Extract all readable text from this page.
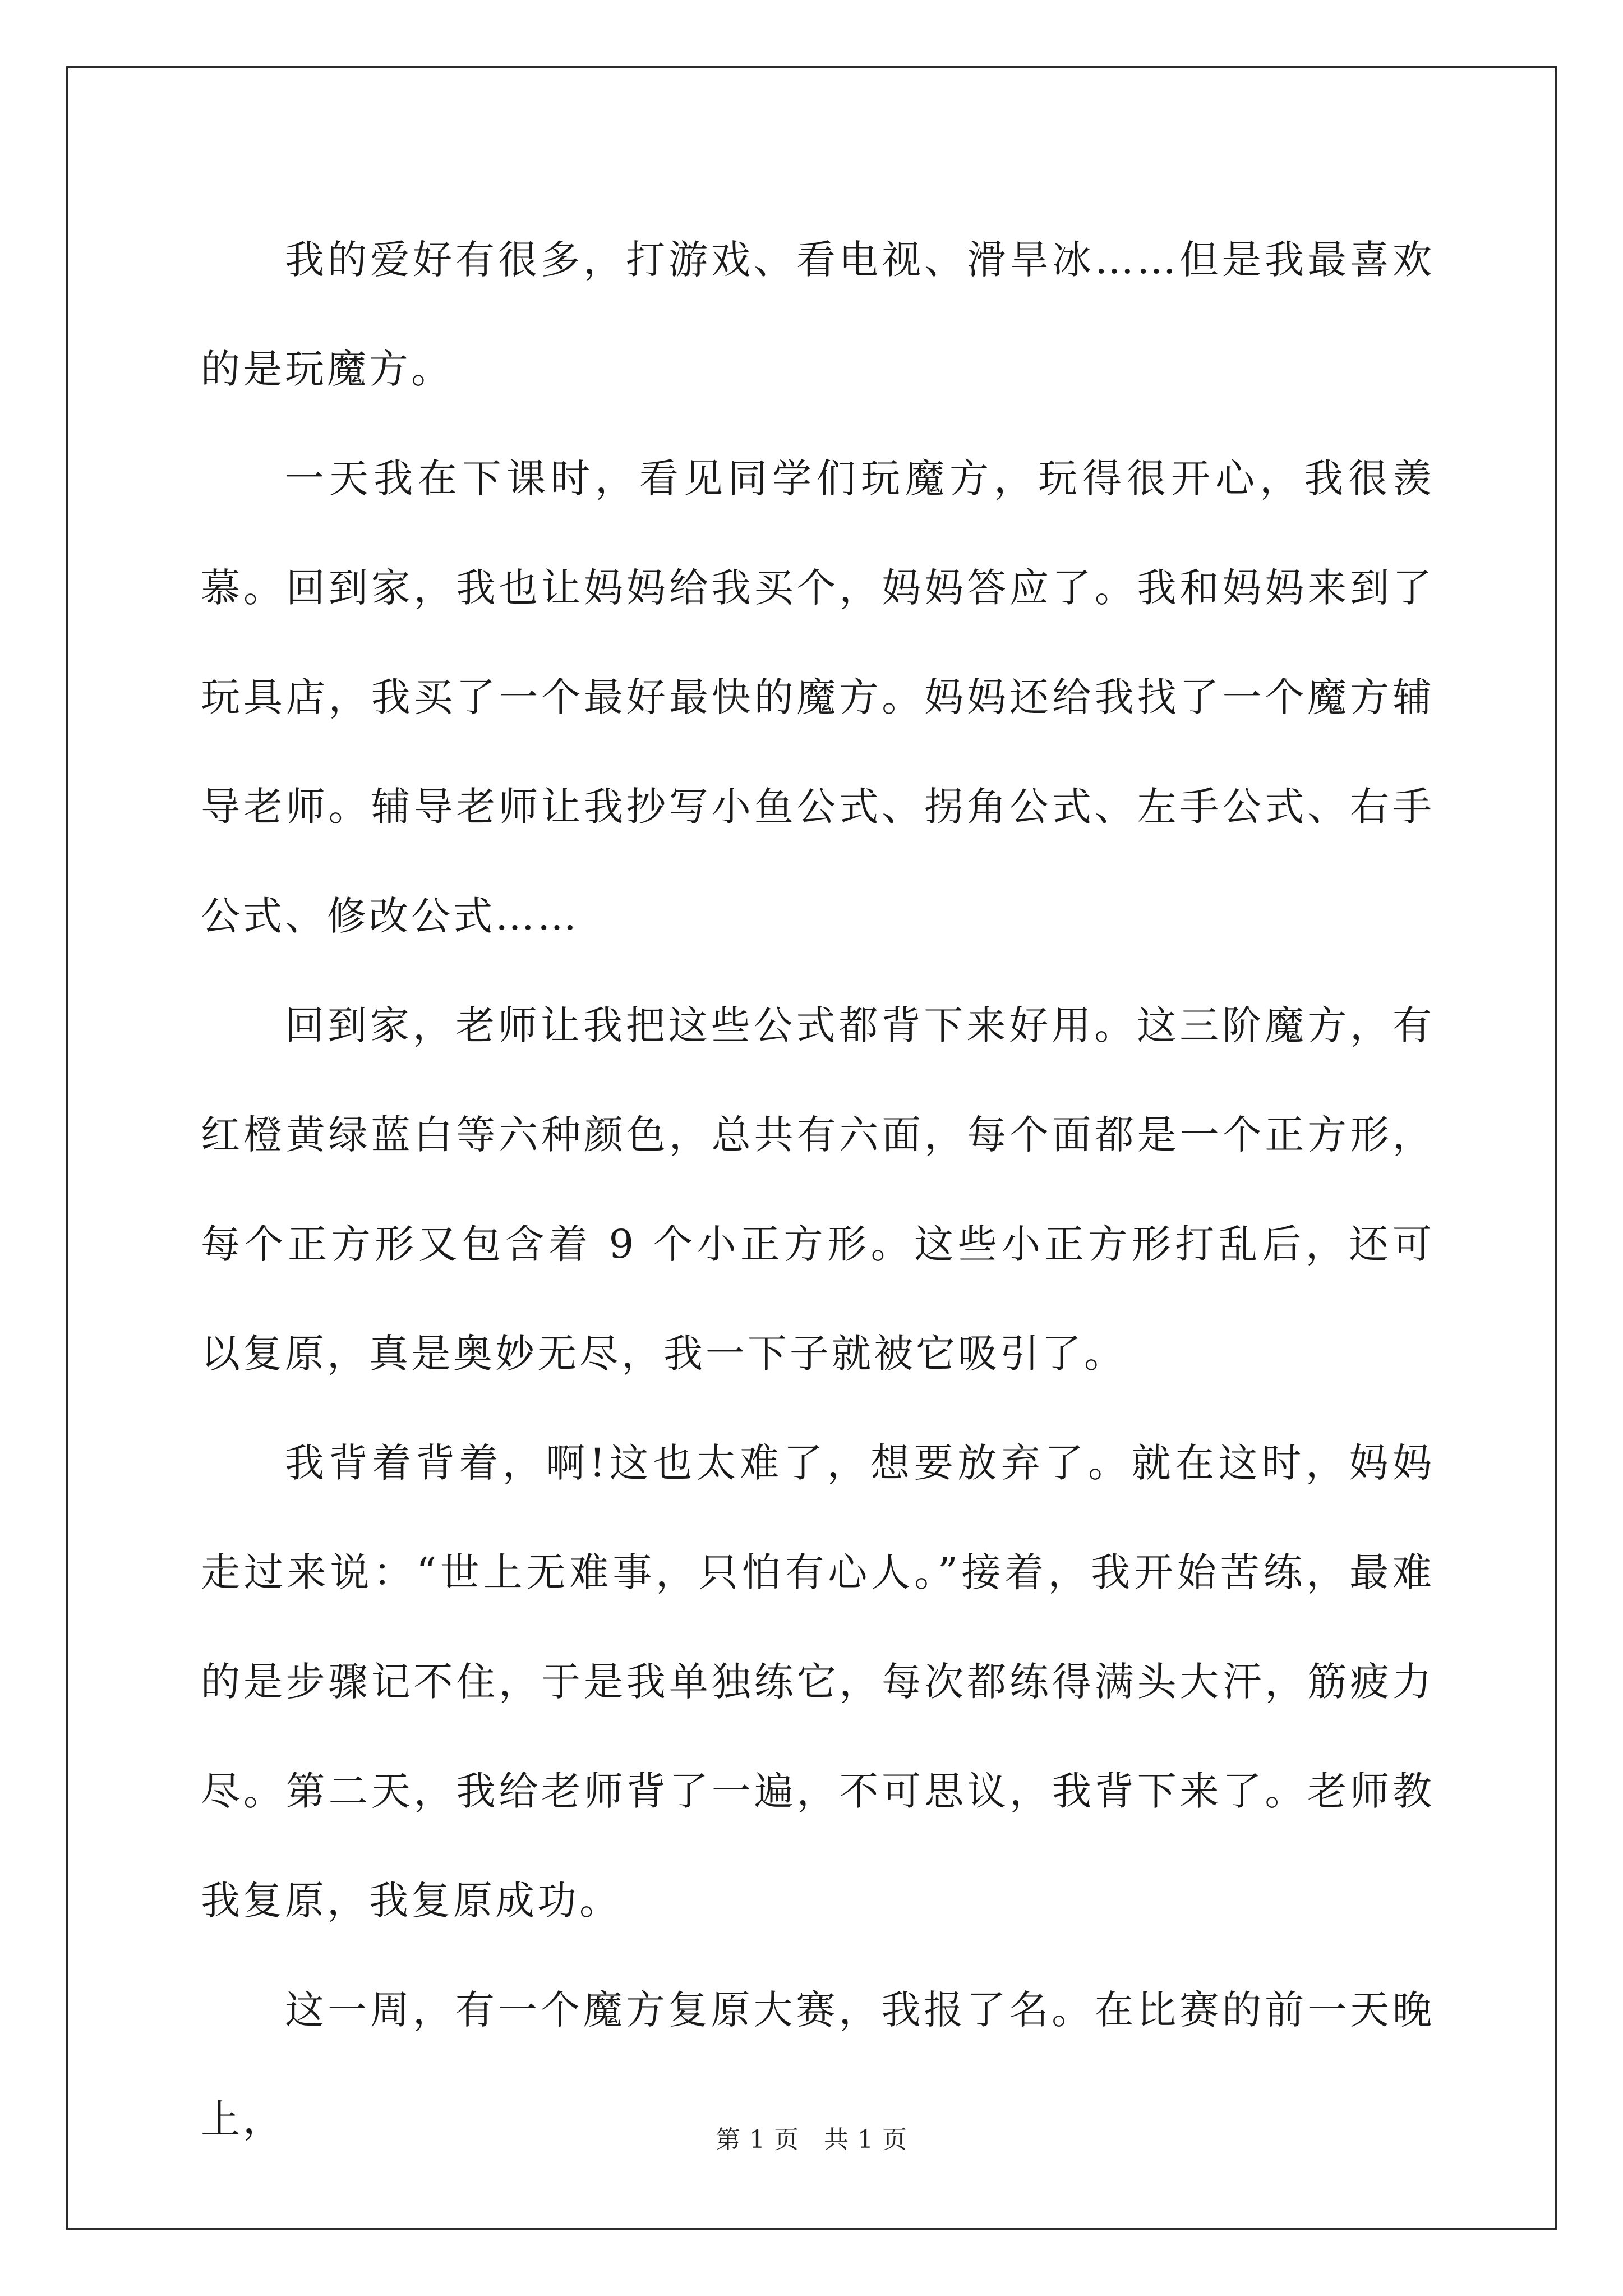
我的爱好有很多，打游戏、看电视、滑旱冰……但是我最喜欢的是玩魔方。

一天我在下课时，看见同学们玩魔方，玩得很开心，我很羡慕。回到家，我也让妈妈给我买个，妈妈答应了。我和妈妈来到了玩具店，我买了一个最好最快的魔方。妈妈还给我找了一个魔方辅导老师。辅导老师让我抄写小鱼公式、拐角公式、左手公式、右手公式、修改公式……

回到家，老师让我把这些公式都背下来好用。这三阶魔方，有红橙黄绿蓝白等六种颜色，总共有六面，每个面都是一个正方形，每个正方形又包含着 9 个小正方形。这些小正方形打乱后，还可以复原，真是奥妙无尽，我一下子就被它吸引了。

我背着背着，啊!这也太难了，想要放弃了。就在这时，妈妈走过来说：“世上无难事，只怕有心人。”接着，我开始苦练，最难的是步骤记不住，于是我单独练它，每次都练得满头大汗，筋疲力尽。第二天，我给老师背了一遍，不可思议，我背下来了。老师教我复原，我复原成功。

这一周，有一个魔方复原大赛，我报了名。在比赛的前一天晚上，	第 1 页 共 1 页
